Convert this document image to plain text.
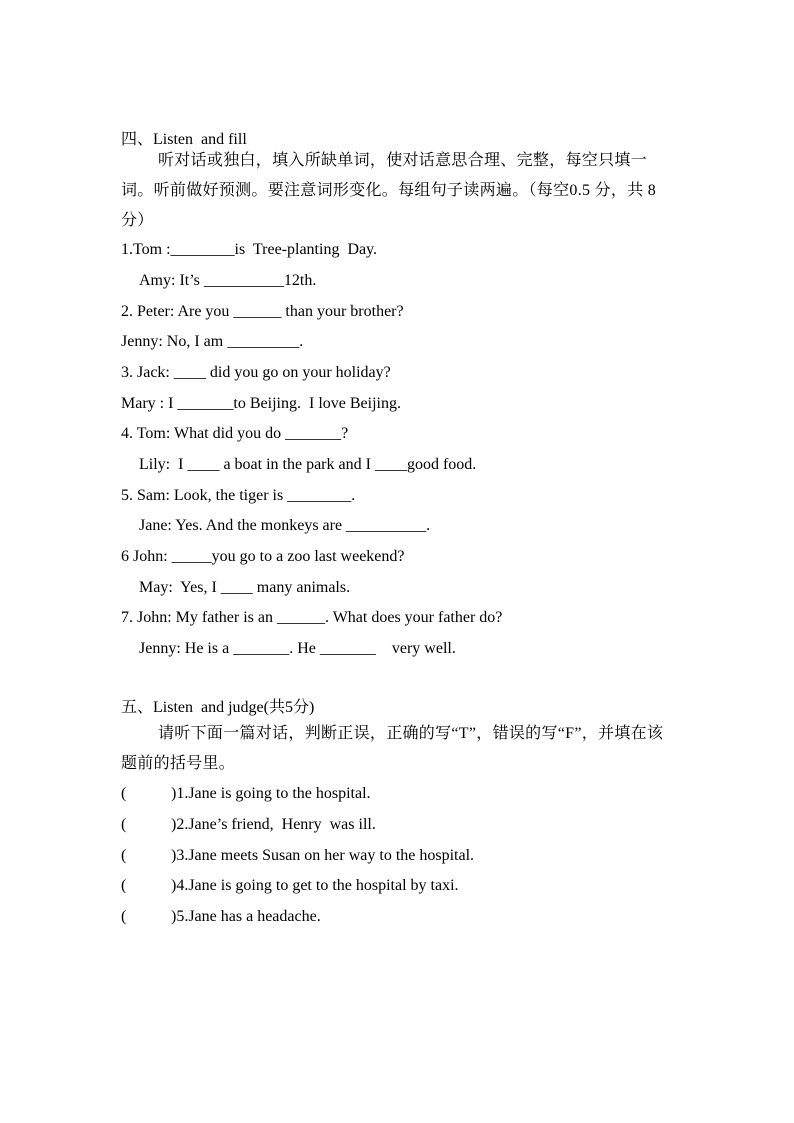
四、Listen  and fill
听对话或独白，填入所缺单词，使对话意思合理、完整，每空只填一词。听前做好预测。要注意词形变化。每组句子读两遍。（每空0.5 分，共 8 分）
1.Tom :________is  Tree-planting  Day.
Amy: It’s __________12th.
2. Peter: Are you ______ than your brother?
Jenny: No, I am _________.
3. Jack: ____ did you go on your holiday?
Mary : I _______to Beijing.  I love Beijing.
4. Tom: What did you do _______?
Lily:  I ____ a boat in the park and I ____good food.
5. Sam: Look, the tiger is ________.
Jane: Yes. And the monkeys are __________.
6 John: _____you go to a zoo last weekend?
May:  Yes, I ____ many animals.
7. John: My father is an ______. What does your father do?
Jenny: He is a _______. He _______    very well.
五、Listen  and judge(共5分)
请听下面一篇对话，判断正误，正确的写“T”，错误的写“F”，并填在该题前的括号里。
(	)1.Jane is going to the hospital.
(	)2.Jane’s friend,  Henry  was ill.
(	)3.Jane meets Susan on her way to the hospital.
(	)4.Jane is going to get to the hospital by taxi.
(	)5.Jane has a headache.
